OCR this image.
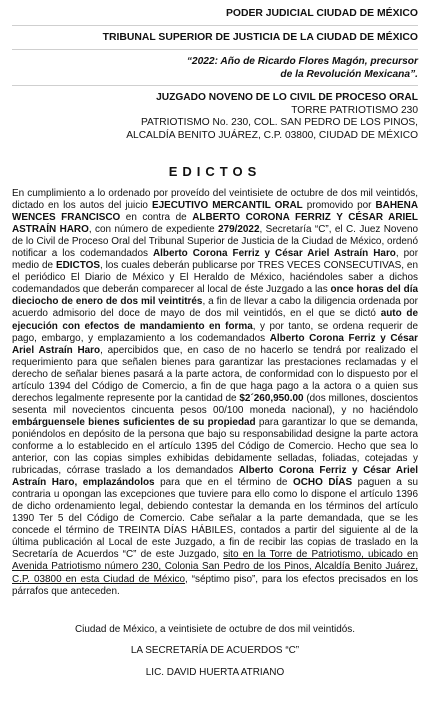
PODER JUDICIAL CIUDAD DE MÉXICO
TRIBUNAL SUPERIOR DE JUSTICIA DE LA CIUDAD DE MÉXICO
“2022: Año de Ricardo Flores Magón, precursor
de la Revolución Mexicana”.
JUZGADO NOVENO DE LO CIVIL DE PROCESO ORAL
TORRE PATRIOTISMO 230
PATRIOTISMO No. 230, COL. SAN PEDRO DE LOS PINOS,
ALCALDÍA BENITO JUÁREZ, C.P. 03800, CIUDAD DE MÉXICO
EDICTOS
En cumplimiento a lo ordenado por proveído del veintisiete de octubre de dos mil veintidós, dictado en los autos del juicio EJECUTIVO MERCANTIL ORAL promovido por BAHENA WENCES FRANCISCO en contra de ALBERTO CORONA FERRIZ Y CÉSAR ARIEL ASTRAÍN HARO, con número de expediente 279/2022, Secretaría “C”, el C. Juez Noveno de lo Civil de Proceso Oral del Tribunal Superior de Justicia de la Ciudad de México, ordenó notificar a los codemandados Alberto Corona Ferriz y César Ariel Astraín Haro, por medio de EDICTOS, los cuales deberán publicarse por TRES VECES CONSECUTIVAS, en el periódico El Diario de México y El Heraldo de México, haciéndoles saber a dichos codemandados que deberán comparecer al local de éste Juzgado a las once horas del día dieciocho de enero de dos mil veintitrés, a fin de llevar a cabo la diligencia ordenada por acuerdo admisorio del doce de mayo de dos mil veintidós, en el que se dictó auto de ejecución con efectos de mandamiento en forma, y por tanto, se ordena requerir de pago, embargo, y emplazamiento a los codemandados Alberto Corona Ferriz y César Ariel Astraín Haro, apercibidos que, en caso de no hacerlo se tendrá por realizado el requerimiento para que señalen bienes para garantizar las prestaciones reclamadas y el derecho de señalar bienes pasará a la parte actora, de conformidad con lo dispuesto por el artículo 1394 del Código de Comercio, a fin de que haga pago a la actora o a quien sus derechos legalmente represente por la cantidad de $2´260,950.00 (dos millones, doscientos sesenta mil novecientos cincuenta pesos 00/100 moneda nacional), y no haciéndolo embárguensele bienes suficientes de su propiedad para garantizar lo que se demanda, poniéndolos en depósito de la persona que bajo su responsabilidad designe la parte actora conforme a lo establecido en el artículo 1395 del Código de Comercio. Hecho que sea lo anterior, con las copias simples exhibidas debidamente selladas, foliadas, cotejadas y rubricadas, córrase traslado a los demandados Alberto Corona Ferriz y César Ariel Astraín Haro, emplazándolos para que en el término de OCHO DÍAS paguen a su contraria u opongan las excepciones que tuviere para ello como lo dispone el artículo 1396 de dicho ordenamiento legal, debiendo contestar la demanda en los términos del artículo 1390 Ter 5 del Código de Comercio. Cabe señalar a la parte demandada, que se les concede el término de TREINTA DÍAS HÁBILES, contados a partir del siguiente al de la última publicación al Local de este Juzgado, a fin de recibir las copias de traslado en la Secretaría de Acuerdos “C” de este Juzgado, sito en la Torre de Patriotismo, ubicado en Avenida Patriotismo número 230, Colonia San Pedro de los Pinos, Alcaldía Benito Juárez, C.P. 03800 en esta Ciudad de México, “séptimo piso”, para los efectos precisados en los párrafos que anteceden.
Ciudad de México, a veintisiete de octubre de dos mil veintidós.
LA SECRETARÍA DE ACUERDOS “C”
LIC. DAVID HUERTA ATRIANO
